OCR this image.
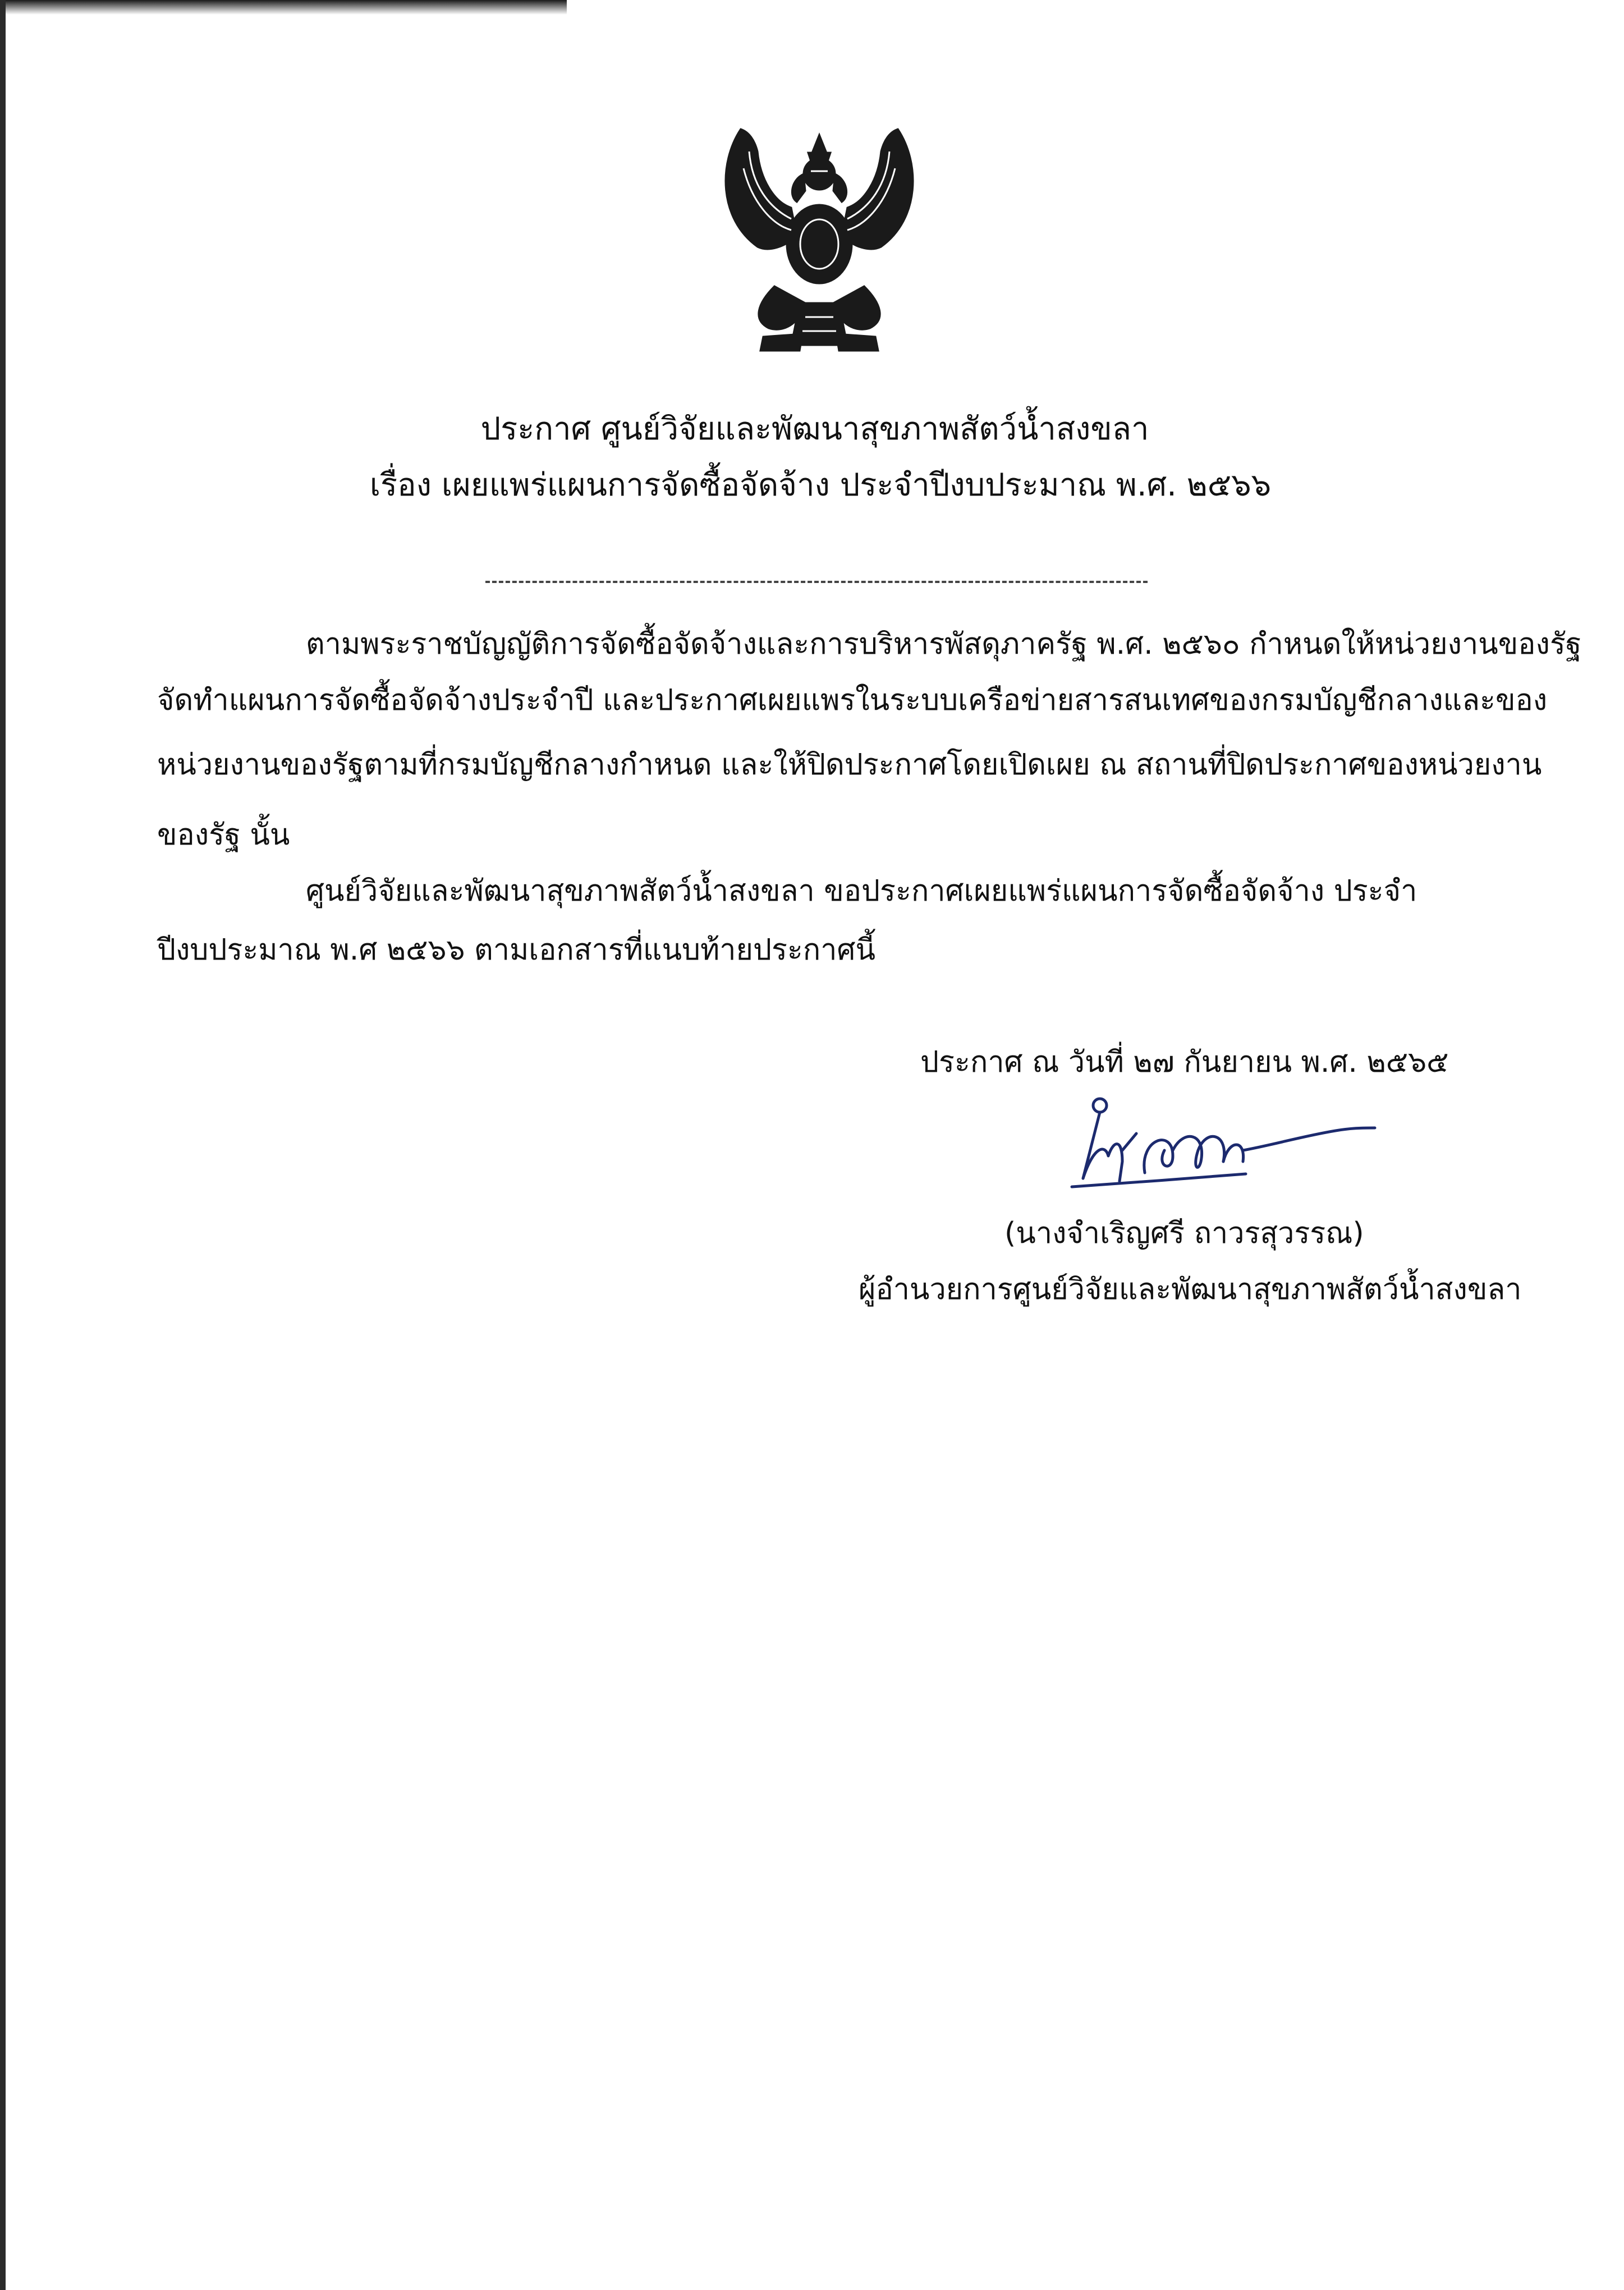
ประกาศ ศูนย์วิจัยและพัฒนาสุขภาพสัตว์น้ำสงขลา
เรื่อง เผยแพร่แผนการจัดซื้อจัดจ้าง ประจำปีงบประมาณ พ.ศ. ๒๕๖๖
ตามพระราชบัญญัติการจัดซื้อจัดจ้างและการบริหารพัสดุภาครัฐ พ.ศ. ๒๕๖๐ กำหนดให้หน่วยงานของรัฐ
จัดทำแผนการจัดซื้อจัดจ้างประจำปี และประกาศเผยแพรในระบบเครือข่ายสารสนเทศของกรมบัญชีกลางและของ
หน่วยงานของรัฐตามที่กรมบัญชีกลางกำหนด และให้ปิดประกาศโดยเปิดเผย ณ สถานที่ปิดประกาศของหน่วยงาน
ของรัฐ นั้น
ศูนย์วิจัยและพัฒนาสุขภาพสัตว์น้ำสงขลา ขอประกาศเผยแพร่แผนการจัดซื้อจัดจ้าง ประจำ
ปีงบประมาณ พ.ศ ๒๕๖๖ ตามเอกสารที่แนบท้ายประกาศนี้
ประกาศ ณ วันที่ ๒๗ กันยายน พ.ศ. ๒๕๖๕
(นางจำเริญศรี ถาวรสุวรรณ)
ผู้อำนวยการศูนย์วิจัยและพัฒนาสุขภาพสัตว์น้ำสงขลา
